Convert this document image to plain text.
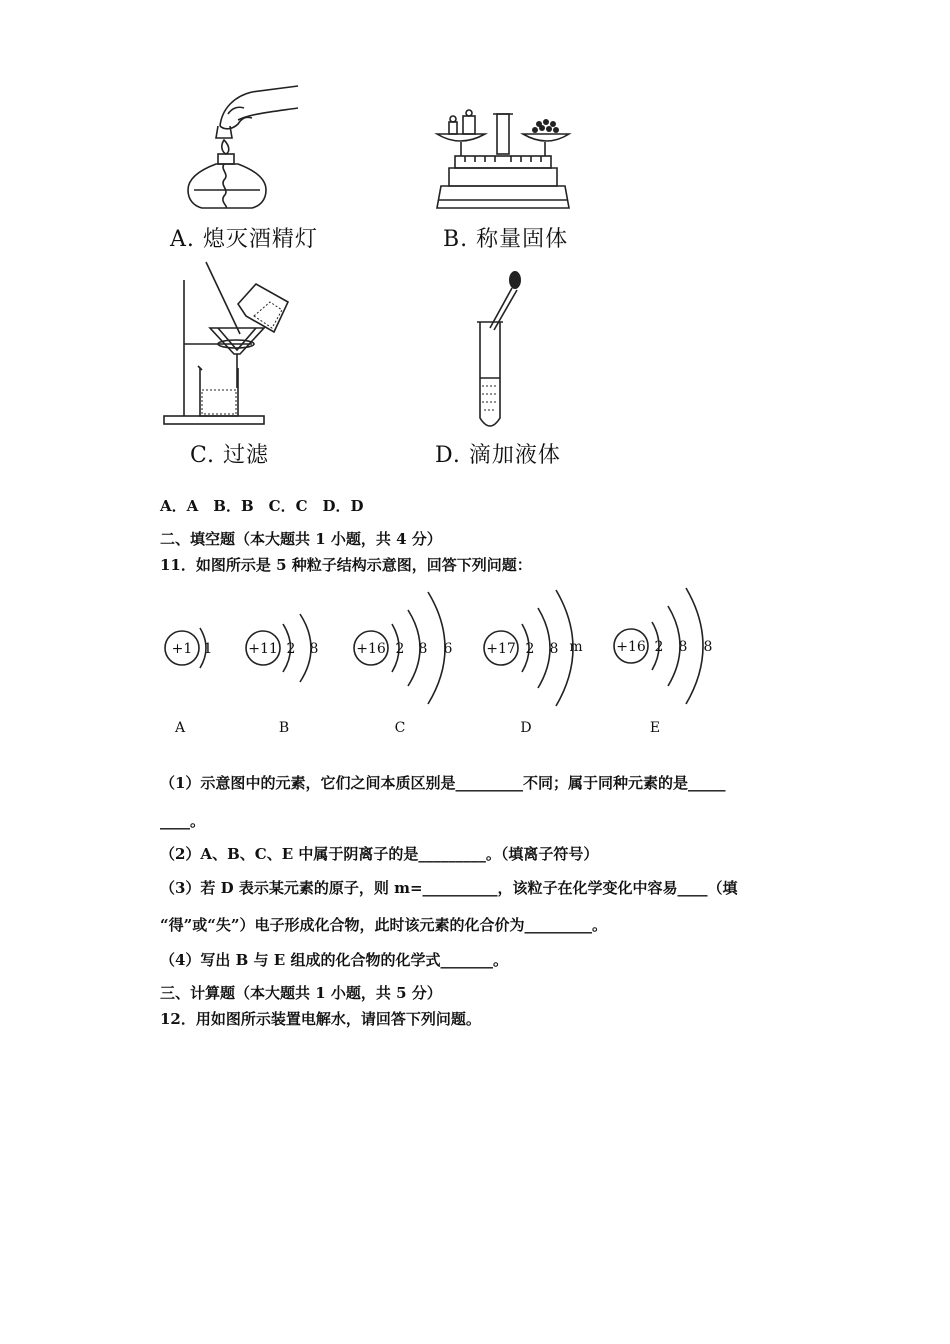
A. 熄灭酒精灯	B. 称量固体
C. 过滤	D. 滴加液体
A．A　B．B　C．C　D．D
二、填空题（本大题共 1 小题，共 4 分）
11．如图所示是 5 种粒子结构示意图，回答下列问题：
+1 1
A
+11 2 8
B
+16 2 8 6
C
+17 2 8 m
D
+16 2 8 8
E
（1）示意图中的元素，它们之间本质区别是_________不同；属于同种元素的是_____
____。
（2）A、B、C、E 中属于阴离子的是_________。（填离子符号）
（3）若 D 表示某元素的原子，则 m=__________，该粒子在化学变化中容易____（填
“得”或“失”）电子形成化合物，此时该元素的化合价为_________。
（4）写出 B 与 E 组成的化合物的化学式_______。
三、计算题（本大题共 1 小题，共 5 分）
12．用如图所示装置电解水，请回答下列问题。
